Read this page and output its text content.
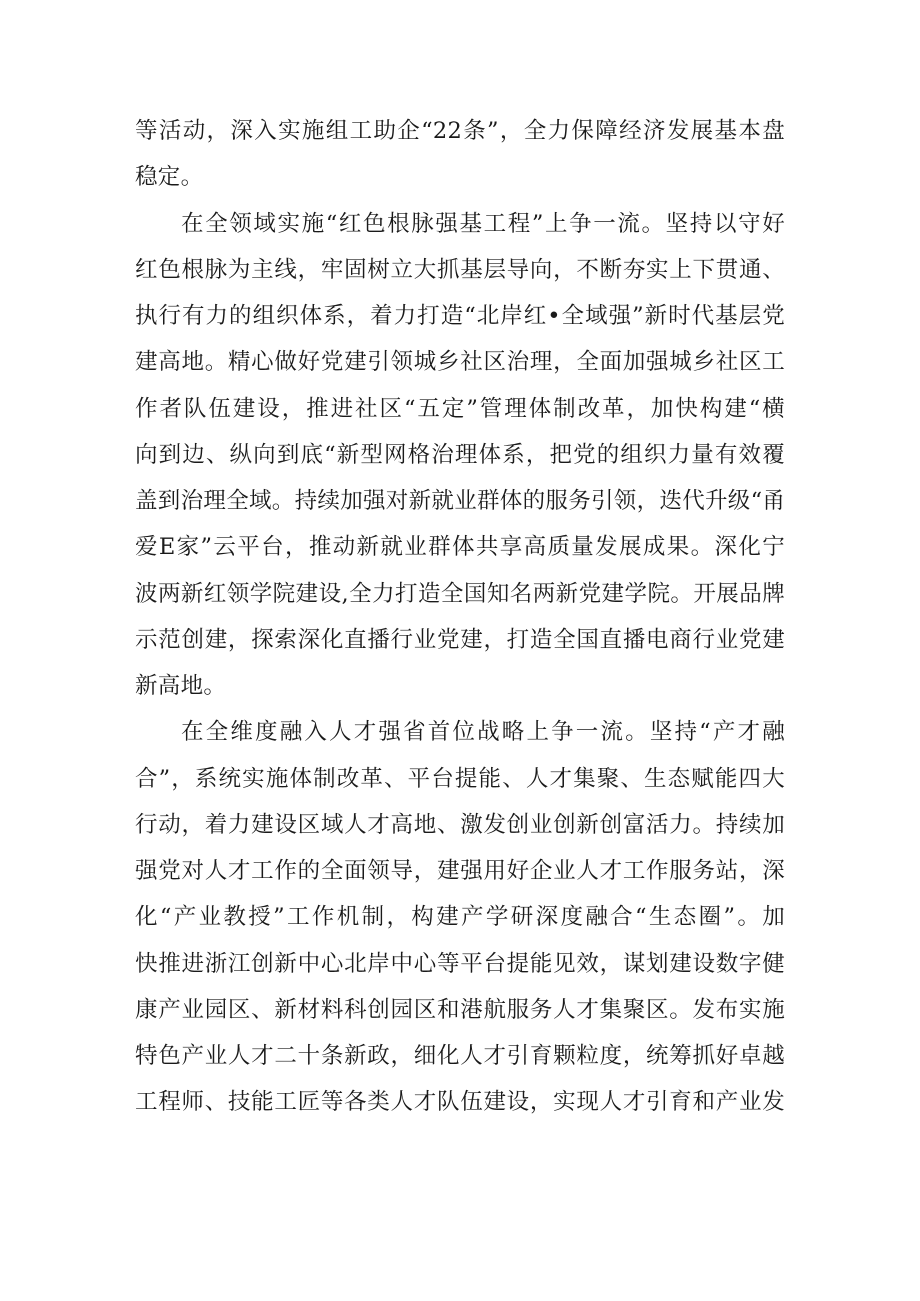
等活动，深入实施组工助企“22条”，全力保障经济发展基本盘
稳定。
在全领域实施“红色根脉强基工程”上争一流。坚持以守好
红色根脉为主线，牢固树立大抓基层导向，不断夯实上下贯通、
执行有力的组织体系，着力打造“北岸红•全域强”新时代基层党
建高地。精心做好党建引领城乡社区治理，全面加强城乡社区工
作者队伍建设，推进社区“五定”管理体制改革，加快构建“横
向到边、纵向到底“新型网格治理体系，把党的组织力量有效覆
盖到治理全域。持续加强对新就业群体的服务引领，迭代升级“甬
爱E家”云平台，推动新就业群体共享高质量发展成果。深化宁
波两新红领学院建设,全力打造全国知名两新党建学院。开展品牌
示范创建，探索深化直播行业党建，打造全国直播电商行业党建
新高地。
在全维度融入人才强省首位战略上争一流。坚持“产才融
合”，系统实施体制改革、平台提能、人才集聚、生态赋能四大
行动，着力建设区域人才高地、激发创业创新创富活力。持续加
强党对人才工作的全面领导，建强用好企业人才工作服务站，深
化“产业教授”工作机制，构建产学研深度融合“生态圈”。加
快推进浙江创新中心北岸中心等平台提能见效，谋划建设数字健
康产业园区、新材料科创园区和港航服务人才集聚区。发布实施
特色产业人才二十条新政，细化人才引育颗粒度，统筹抓好卓越
工程师、技能工匠等各类人才队伍建设，实现人才引育和产业发
